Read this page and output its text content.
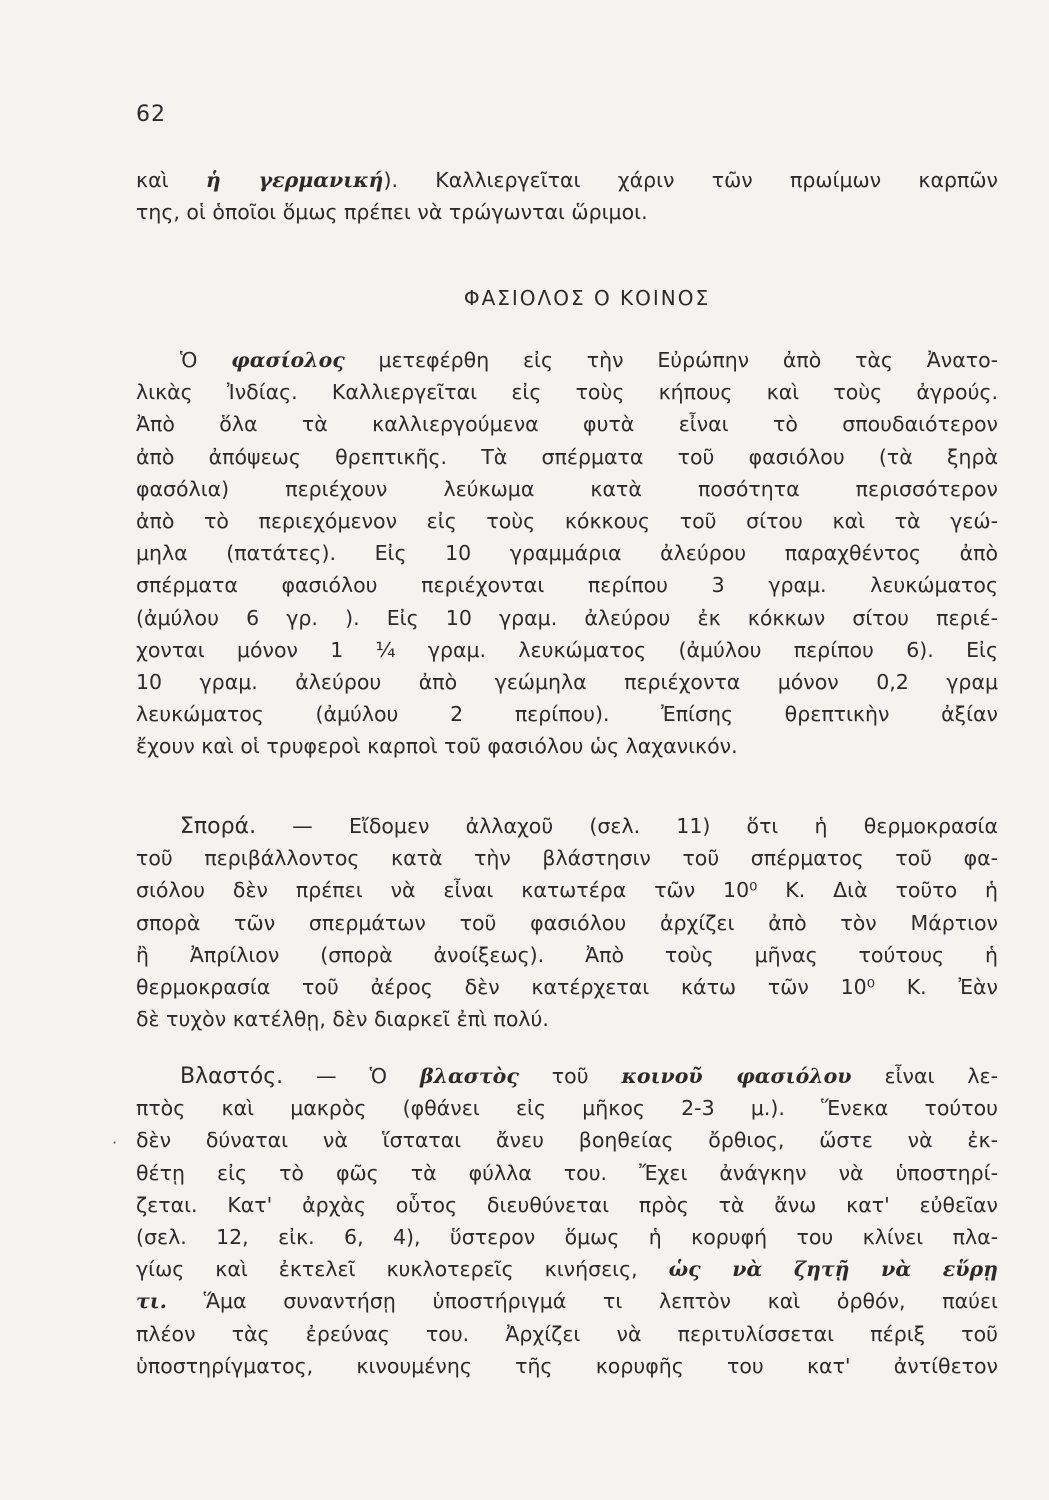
62
καὶ ἡ γερμανική). Καλλιεργεῖται χάριν τῶν πρωίμων καρπῶν
της, οἱ ὁποῖοι ὅμως πρέπει νὰ τρώγωνται ὥριμοι.
ΦΑΣΙΟΛΟΣ Ο ΚΟΙΝΟΣ
Ὁ φασίολος μετεφέρθη εἰς τὴν Εὐρώπην ἀπὸ τὰς Ἀνατο-
λικὰς Ἰνδίας. Καλλιεργεῖται εἰς τοὺς κήπους καὶ τοὺς ἀγρούς.
Ἀπὸ ὅλα τὰ καλλιεργούμενα φυτὰ εἶναι τὸ σπουδαιότερον
ἀπὸ ἀπόψεως θρεπτικῆς. Τὰ σπέρματα τοῦ φασιόλου (τὰ ξηρὰ
φασόλια) περιέχουν λεύκωμα κατὰ ποσότητα περισσότερον
ἀπὸ τὸ περιεχόμενον εἰς τοὺς κόκκους τοῦ σίτου καὶ τὰ γεώ-
μηλα (πατάτες). Εἰς 10 γραμμάρια ἀλεύρου παραχθέντος ἀπὸ
σπέρματα φασιόλου περιέχονται περίπου 3 γραμ. λευκώματος
(ἀμύλου 6 γρ. ). Εἰς 10 γραμ. ἀλεύρου ἐκ κόκκων σίτου περιέ-
χονται μόνον 1 ¼ γραμ. λευκώματος (ἀμύλου περίπου 6). Εἰς
10 γραμ. ἀλεύρου ἀπὸ γεώμηλα περιέχοντα μόνον 0,2 γραμ
λευκώματος (ἀμύλου 2 περίπου). Ἐπίσης θρεπτικὴν ἀξίαν
ἔχουν καὶ οἱ τρυφεροὶ καρποὶ τοῦ φασιόλου ὡς λαχανικόν.
Σπορά. — Εἴδομεν ἀλλαχοῦ (σελ. 11) ὅτι ἡ θερμοκρασία
τοῦ περιβάλλοντος κατὰ τὴν βλάστησιν τοῦ σπέρματος τοῦ φα-
σιόλου δὲν πρέπει νὰ εἶναι κατωτέρα τῶν 10⁰ Κ. Διὰ τοῦτο ἡ
σπορὰ τῶν σπερμάτων τοῦ φασιόλου ἀρχίζει ἀπὸ τὸν Μάρτιον
ἢ Ἀπρίλιον (σπορὰ ἀνοίξεως). Ἀπὸ τοὺς μῆνας τούτους ἡ
θερμοκρασία τοῦ ἀέρος δὲν κατέρχεται κάτω τῶν 10⁰ Κ. Ἐὰν
δὲ τυχὸν κατέλθῃ, δὲν διαρκεῖ ἐπὶ πολύ.
Βλαστός. — Ὁ βλαστὸς τοῦ κοινοῦ φασιόλου εἶναι λε-
πτὸς καὶ μακρὸς (φθάνει εἰς μῆκος 2-3 μ.). Ἕνεκα τούτου
δὲν δύναται νὰ ἵσταται ἄνευ βοηθείας ὄρθιος, ὥστε νὰ ἐκ-
θέτῃ εἰς τὸ φῶς τὰ φύλλα του. Ἔχει ἀνάγκην νὰ ὑποστηρί-
ζεται. Κατ' ἀρχὰς οὗτος διευθύνεται πρὸς τὰ ἄνω κατ' εὐθεῖαν
(σελ. 12, εἰκ. 6, 4), ὕστερον ὅμως ἡ κορυφή του κλίνει πλα-
γίως καὶ ἐκτελεῖ κυκλοτερεῖς κινήσεις, ὡς νὰ ζητῇ νὰ εὕρῃ
τι. Ἅμα συναντήσῃ ὑποστήριγμά τι λεπτὸν καὶ ὀρθόν, παύει
πλέον τὰς ἐρεύνας του. Ἀρχίζει νὰ περιτυλίσσεται πέριξ τοῦ
ὑποστηρίγματος, κινουμένης τῆς κορυφῆς του κατ' ἀντίθετον
·
